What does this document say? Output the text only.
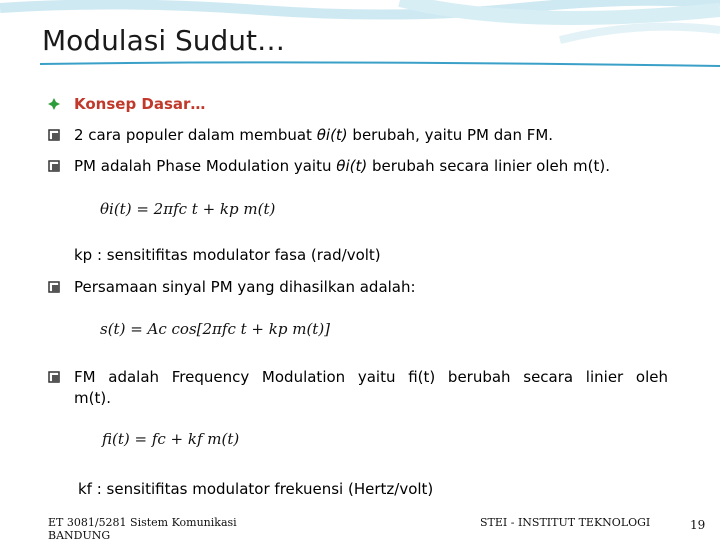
Modulasi Sudut…
Konsep Dasar…
2 cara populer dalam membuat θi(t) berubah, yaitu PM dan FM.
PM adalah Phase Modulation yaitu θi(t) berubah secara linier oleh m(t).
θi(t) = 2πfc t + kp m(t)
kp : sensitifitas modulator fasa (rad/volt)
Persamaan sinyal PM yang dihasilkan adalah:
s(t) = Ac cos[2πfc t + kp m(t)]
FM adalah Frequency Modulation yaitu fi(t) berubah secara linier oleh
m(t).
fi(t) = fc + kf m(t)
kf : sensitifitas modulator frekuensi (Hertz/volt)
ET 3081/5281 Sistem Komunikasi BANDUNG
STEI - INSTITUT TEKNOLOGI	19
